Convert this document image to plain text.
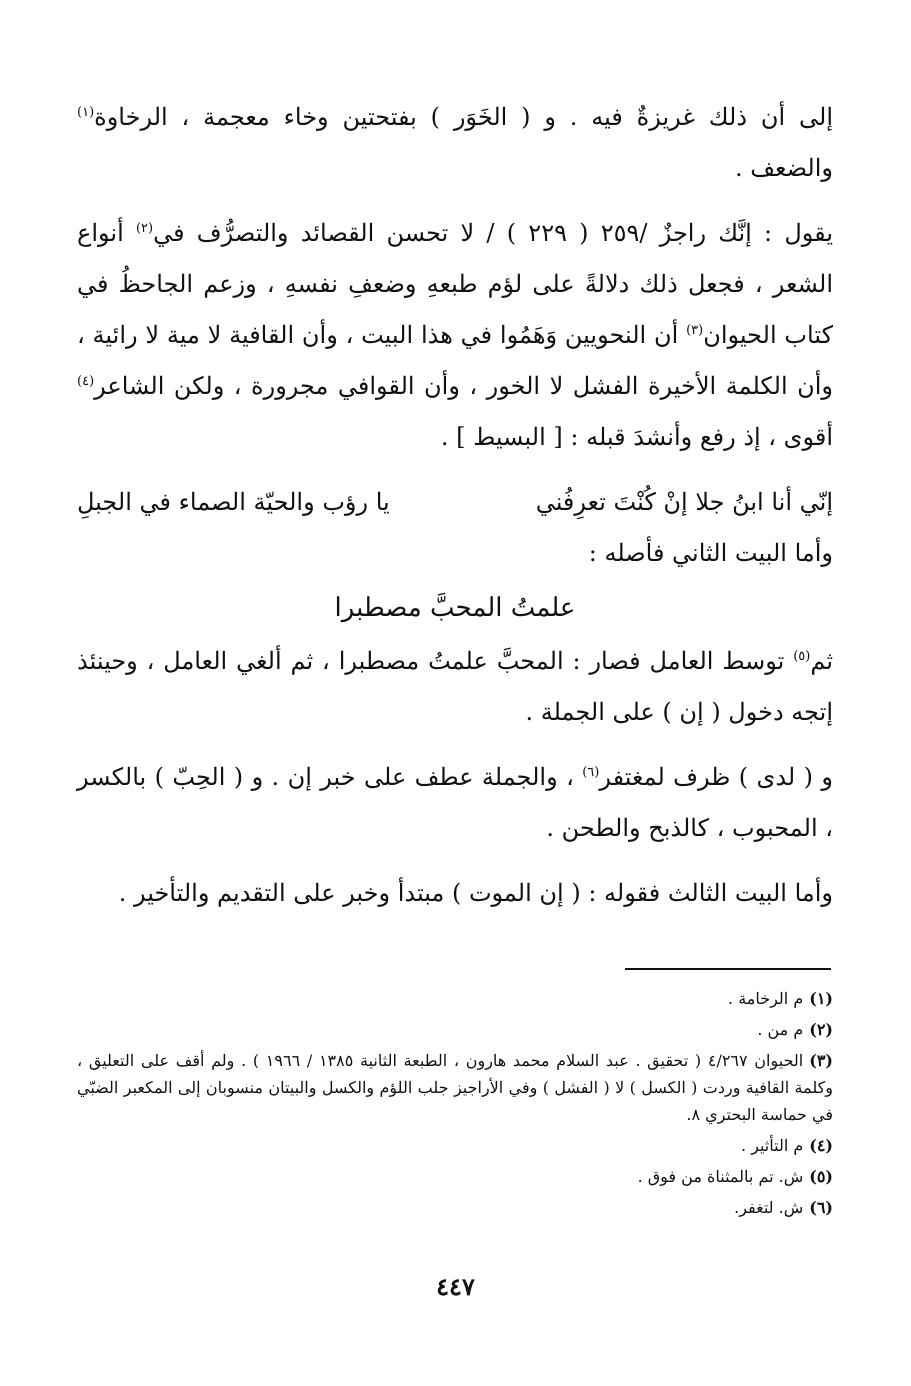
إلى أن ذلك غريزةٌ فيه . و ( الخَوَر ) بفتحتين وخاء معجمة ، الرخاوة$^{(١)}$ والضعف .

يقول : إنَّك راجزٌ /٢٥٩ ( ٢٢٩ ) / لا تحسن القصائد والتصرُّف في$^{(٢)}$ أنواع الشعر ، فجعل ذلك دلالةً على لؤم طبعهِ وضعفِ نفسهِ ، وزعم الجاحظُ في كتاب الحيوان$^{(٣)}$ أن النحويين وَهَمُوا في هذا البيت ، وأن القافية لا مية لا رائية ، وأن الكلمة الأخيرة الفشل لا الخور ، وأن القوافي مجرورة ، ولكن الشاعر$^{(٤)}$ أقوى ، إذ رفع وأنشدَ قبله : [ البسيط ] .

إنّي أنا ابنُ جلا إنْ كُنْتَ تعرِفُني
يا رؤب والحيّة الصماء في الجبلِ

وأما البيت الثاني فأصله :

علمتُ المحبَّ مصطبرا

ثم$^{(٥)}$ توسط العامل فصار : المحبَّ علمتُ مصطبرا ، ثم ألغي العامل ، وحينئذ إتجه دخول ( إن ) على الجملة .

و ( لدى ) ظرف لمغتفر$^{(٦)}$ ، والجملة عطف على خبر إن . و ( الحِبّ ) بالكسر ، المحبوب ، كالذبح والطحن .

وأما البيت الثالث فقوله : ( إن الموت ) مبتدأ وخبر على التقديم والتأخير .

(١)م الرخامة .

(٢)م من .

(٣)الحيوان ٤/٢٦٧ ( تحقيق . عبد السلام محمد هارون ، الطبعة الثانية ١٣٨٥ / ١٩٦٦ ) . ولم أقف على التعليق ، وكلمة القافية وردت ( الكسل ) لا ( الفشل ) وفي الأراجيز جلب اللؤم والكسل والبيتان منسوبان إلى المكعبر الضبّي في حماسة البحتري ٨.

(٤)م التأثير .

(٥)ش. تم بالمثناة من فوق .

(٦)ش. لتغفر.

٤٤٧
